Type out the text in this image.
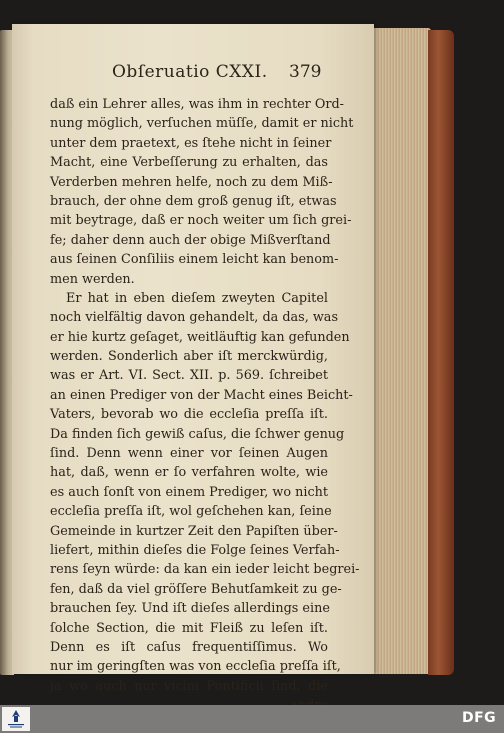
Obſeruatio CXXI. 379
daß ein Lehrer alles, was ihm in rechter Ord-
nung möglich, verſuchen müſſe, damit er nicht
unter dem praetext, es ſtehe nicht in ſeiner
Macht, eine Verbeſſerung zu erhalten, das
Verderben mehren helfe, noch zu dem Miß-
brauch, der ohne dem groß genug iſt, etwas
mit beytrage, daß er noch weiter um ſich grei-
fe; daher denn auch der obige Mißverſtand
aus ſeinen Conſiliis einem leicht kan benom-
men werden.
Er hat in eben dieſem zweyten Capitel
noch vielfältig davon gehandelt, da das, was
er hie kurtz geſaget, weitläuftig kan gefunden
werden. Sonderlich aber iſt merckwürdig,
was er Art. VI. Sect. XII. p. 569. ſchreibet
an einen Prediger von der Macht eines Beicht-
Vaters, bevorab wo die eccleſia preſſa iſt.
Da finden ſich gewiß caſus, die ſchwer genug
ſind. Denn wenn einer vor ſeinen Augen
hat, daß, wenn er ſo verfahren wolte, wie
es auch ſonſt von einem Prediger, wo nicht
eccleſia preſſa iſt, wol geſchehen kan, ſeine
Gemeinde in kurtzer Zeit den Papiſten über-
liefert, mithin dieſes die Folge ſeines Verfah-
rens ſeyn würde: da kan ein ieder leicht begrei-
fen, daß da viel gröſſere Behutſamkeit zu ge-
brauchen ſey. Und iſt dieſes allerdings eine
ſolche Section, die mit Fleiß zu leſen iſt.
Denn es iſt caſus frequentiſſimus. Wo
nur im geringſten was von eccleſia preſſa iſt,
ja wo auch nur vicini Pontificii ſind, die
DFG
